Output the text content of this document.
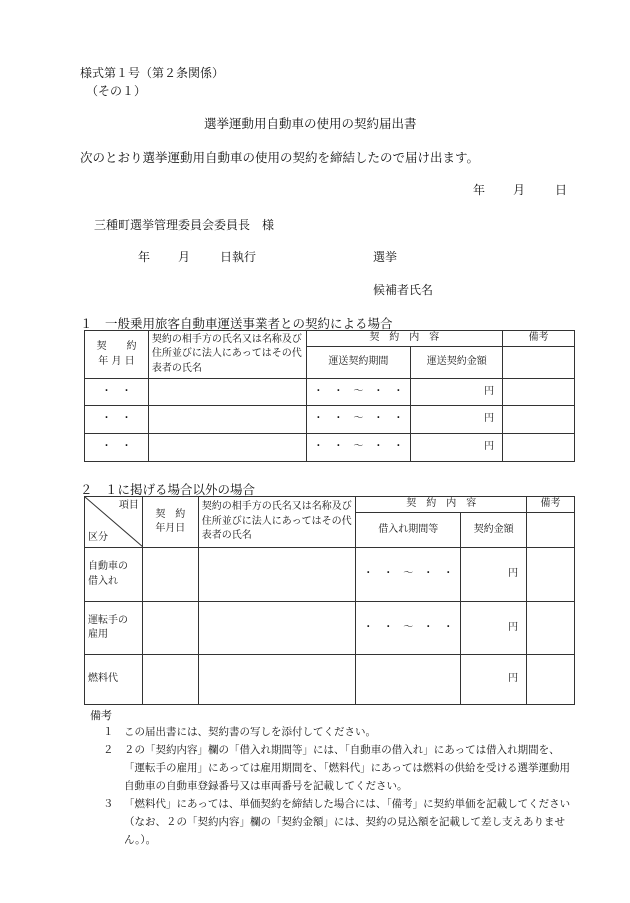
様式第１号（第２条関係）
（その１）
選挙運動用自動車の使用の契約届出書
次のとおり選挙運動用自動車の使用の契約を締結したので届け出ます。
年 月 日
三種町選挙管理委員会委員長　様
年 月 日執行	選挙
候補者氏名
１　一般乗用旅客自動車運送事業者との契約による場合
契　　約
年 月 日	契約の相手方の氏名又は名称及び住所並びに法人にあってはその代表者の氏名	契　約　内　容		備考
		運送契約期間	運送契約金額	
・　・		・　・　～　・　・	円	
・　・		・　・　～　・　・	円	
・　・		・　・　～　・　・	円	
２　１に掲げる場合以外の場合
項目
区分	契　約
年月日	契約の相手方の氏名又は名称及び住所並びに法人にあってはその代表者の氏名	契　約　内　容		備考
			借入れ期間等	契約金額	
自動車の
借入れ			・　・　～　・　・	円	
運転手の
雇用			・　・　～　・　・	円	
燃料代				円	
備考
１ この届出書には、契約書の写しを添付してください。
２ ２の「契約内容」欄の「借入れ期間等」には、「自動車の借入れ」にあっては借入れ期間を、「運転手の雇用」にあっては雇用期間を、「燃料代」にあっては燃料の供給を受ける選挙運動用自動車の自動車登録番号又は車両番号を記載してください。
３ 「燃料代」にあっては、単価契約を締結した場合には、「備考」に契約単価を記載してください（なお、２の「契約内容」欄の「契約金額」には、契約の見込額を記載して差し支えありません。）。
